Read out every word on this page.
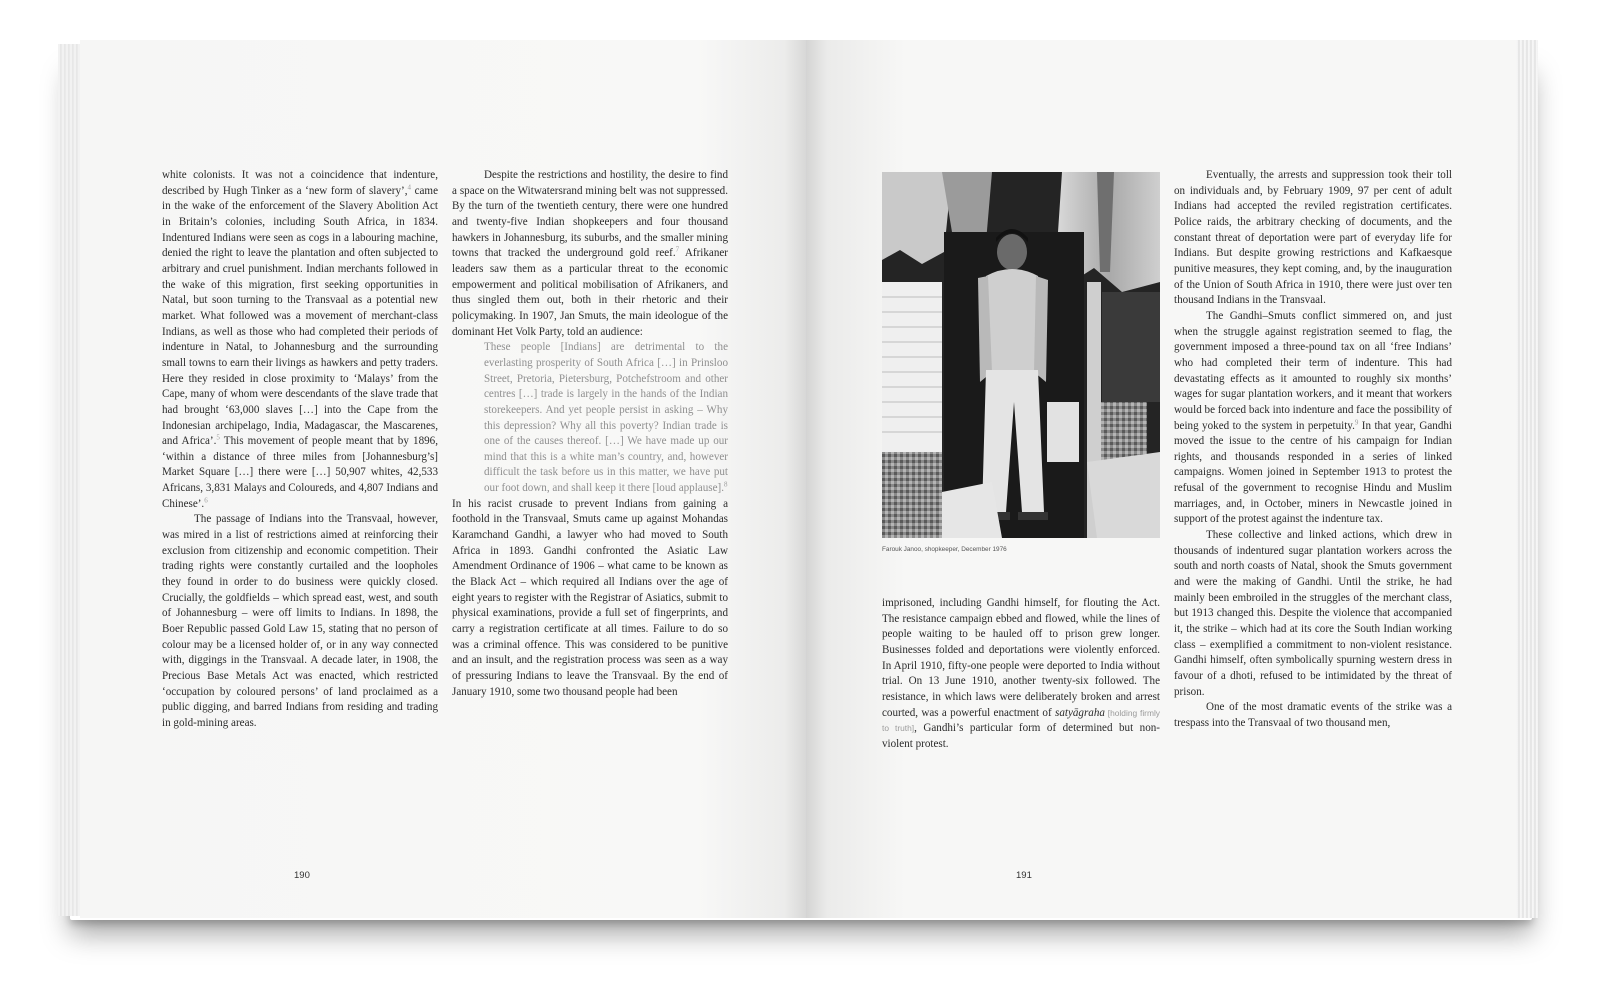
white colonists. It was not a coincidence that indenture, described by Hugh Tinker as a ‘new form of slavery’,$^4$ came in the wake of the enforcement of the Slavery Abolition Act in Britain’s colonies, including South Africa, in 1834. Indentured Indians were seen as cogs in a labouring machine, denied the right to leave the plantation and often subjected to arbitrary and cruel punishment. Indian merchants followed in the wake of this migration, first seeking opportunities in Natal, but soon turning to the Transvaal as a potential new market. What followed was a movement of merchant-class Indians, as well as those who had completed their periods of indenture in Natal, to Johannesburg and the surrounding small towns to earn their livings as hawkers and petty traders. Here they resided in close proximity to ‘Malays’ from the Cape, many of whom were descendants of the slave trade that had brought ‘63,000 slaves […] into the Cape from the Indonesian archipelago, India, Madagascar, the Mascarenes, and Africa’.$^5$ This movement of people meant that by 1896, ‘within a distance of three miles from [Johannesburg’s] Market Square […] there were […] 50,907 whites, 42,533 Africans, 3,831 Malays and Coloureds, and 4,807 Indians and Chinese’.$^6$

The passage of Indians into the Transvaal, however, was mired in a list of restrictions aimed at reinforcing their exclusion from citizenship and economic competition. Their trading rights were constantly curtailed and the loopholes they found in order to do business were quickly closed. Crucially, the goldfields – which spread east, west, and south of Johannesburg – were off limits to Indians. In 1898, the Boer Republic passed Gold Law 15, stating that no person of colour may be a licensed holder of, or in any way connected with, diggings in the Transvaal. A decade later, in 1908, the Precious Base Metals Act was enacted, which restricted ‘occupation by coloured persons’ of land proclaimed as a public digging, and barred Indians from residing and trading in gold-mining areas.

Despite the restrictions and hostility, the desire to find a space on the Witwatersrand mining belt was not suppressed. By the turn of the twentieth century, there were one hundred and twenty-five Indian shopkeepers and four thousand hawkers in Johannesburg, its suburbs, and the smaller mining towns that tracked the underground gold reef.$^7$ Afrikaner leaders saw them as a particular threat to the economic empowerment and political mobilisation of Afrikaners, and thus singled them out, both in their rhetoric and their policymaking. In 1907, Jan Smuts, the main ideologue of the dominant Het Volk Party, told an audience:

These people [Indians] are detrimental to the everlasting prosperity of South Africa […] in Prinsloo Street, Pretoria, Pietersburg, Potchefstroom and other centres […] trade is largely in the hands of the Indian storekeepers. And yet people persist in asking – Why this depression? Why all this poverty? Indian trade is one of the causes thereof. […] We have made up our mind that this is a white man’s country, and, however difficult the task before us in this matter, we have put our foot down, and shall keep it there [loud applause].$^8$

In his racist crusade to prevent Indians from gaining a foothold in the Transvaal, Smuts came up against Mohandas Karamchand Gandhi, a lawyer who had moved to South Africa in 1893. Gandhi confronted the Asiatic Law Amendment Ordinance of 1906 – what came to be known as the Black Act – which required all Indians over the age of eight years to register with the Registrar of Asiatics, submit to physical examinations, provide a full set of fingerprints, and carry a registration certificate at all times. Failure to do so was a criminal offence. This was considered to be punitive and an insult, and the registration process was seen as a way of pressuring Indians to leave the Transvaal. By the end of January 1910, some two thousand people had been

190
Farouk Janoo, shopkeeper, December 1976

imprisoned, including Gandhi himself, for flouting the Act. The resistance campaign ebbed and flowed, while the lines of people waiting to be hauled off to prison grew longer. Businesses folded and deportations were violently enforced. In April 1910, fifty-one people were deported to India without trial. On 13 June 1910, another twenty-six followed. The resistance, in which laws were deliberately broken and arrest courted, was a powerful enactment of satyāgraha [holding firmly to truth], Gandhi’s particular form of determined but non-violent protest.

Eventually, the arrests and suppression took their toll on individuals and, by February 1909, 97 per cent of adult Indians had accepted the reviled registration certificates. Police raids, the arbitrary checking of documents, and the constant threat of deportation were part of everyday life for Indians. But despite growing restrictions and Kafkaesque punitive measures, they kept coming, and, by the inauguration of the Union of South Africa in 1910, there were just over ten thousand Indians in the Transvaal.

The Gandhi–Smuts conflict simmered on, and just when the struggle against registration seemed to flag, the government imposed a three-pound tax on all ‘free Indians’ who had completed their term of indenture. This had devastating effects as it amounted to roughly six months’ wages for sugar plantation workers, and it meant that workers would be forced back into indenture and face the possibility of being yoked to the system in perpetuity.$^9$ In that year, Gandhi moved the issue to the centre of his campaign for Indian rights, and thousands responded in a series of linked campaigns. Women joined in September 1913 to protest the refusal of the government to recognise Hindu and Muslim marriages, and, in October, miners in Newcastle joined in support of the protest against the indenture tax.

These collective and linked actions, which drew in thousands of indentured sugar plantation workers across the south and north coasts of Natal, shook the Smuts government and were the making of Gandhi. Until the strike, he had mainly been embroiled in the struggles of the merchant class, but 1913 changed this. Despite the violence that accompanied it, the strike – which had at its core the South Indian working class – exemplified a commitment to non-violent resistance. Gandhi himself, often symbolically spurning western dress in favour of a dhoti, refused to be intimidated by the threat of prison.

One of the most dramatic events of the strike was a trespass into the Transvaal of two thousand men,

191
